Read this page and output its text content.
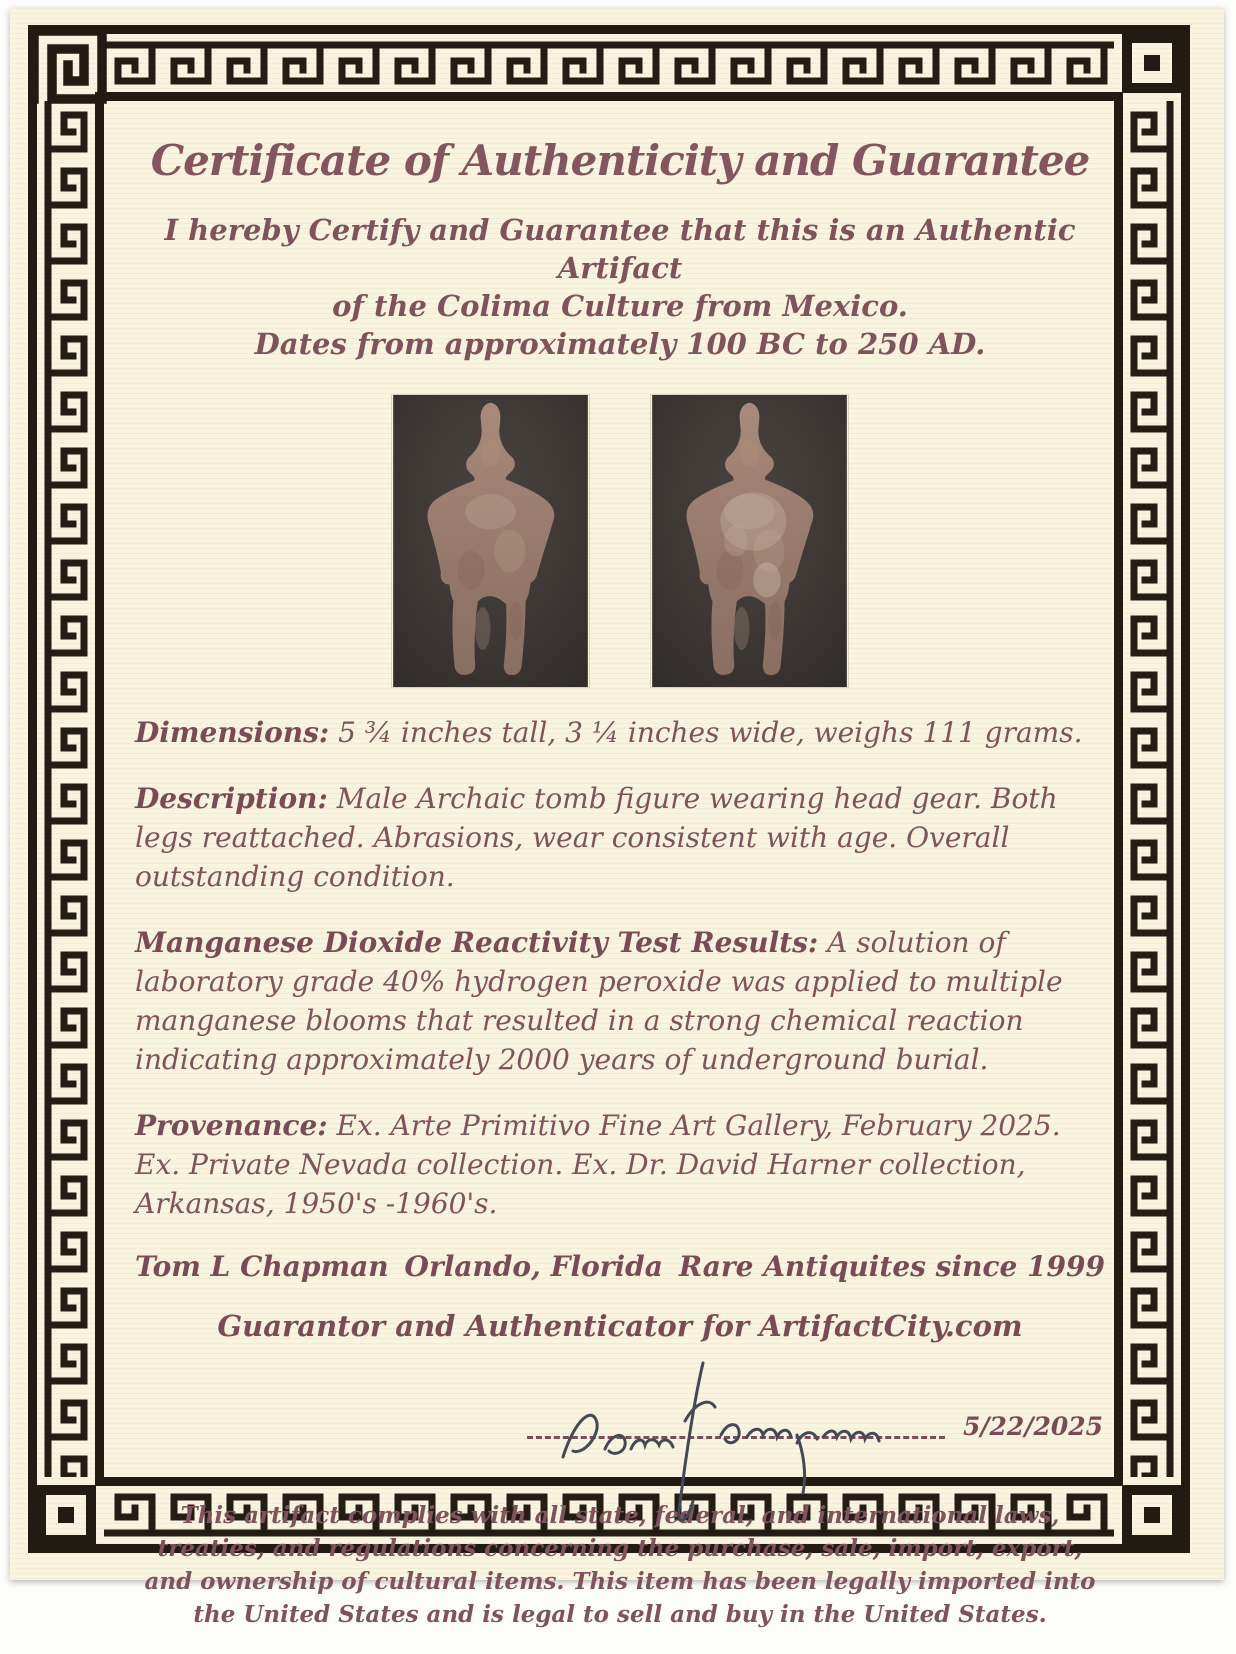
Certificate of Authenticity and Guarantee
I hereby Certify and Guarantee that this is an Authentic Artifact
of the Colima Culture from Mexico.
Dates from approximately 100 BC to 250 AD.

Dimensions: 5 ¾ inches tall, 3 ¼ inches wide, weighs 111 grams.

Description: Male Archaic tomb figure wearing head gear. Both legs reattached. Abrasions, wear consistent with age. Overall outstanding condition.

Manganese Dioxide Reactivity Test Results: A solution of laboratory grade 40% hydrogen peroxide was applied to multiple manganese blooms that resulted in a strong chemical reaction indicating approximately 2000 years of underground burial.

Provenance: Ex. Arte Primitivo Fine Art Gallery, February 2025. Ex. Private Nevada collection. Ex. Dr. David Harner collection, Arkansas, 1950's -1960's.

Tom L Chapman Orlando, Florida Rare Antiquites since 1999
Guarantor and Authenticator for ArtifactCity.com
5/22/2025

This artifact complies with all state, federal, and international laws, treaties, and regulations concerning the purchase, sale, import, export, and ownership of cultural items. This item has been legally imported into the United States and is legal to sell and buy in the United States.
